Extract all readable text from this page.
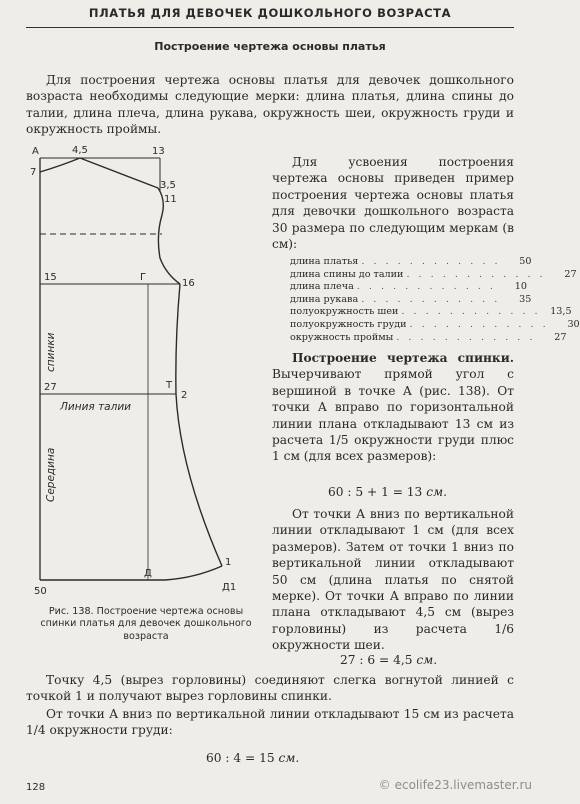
ПЛАТЬЯ ДЛЯ ДЕВОЧЕК ДОШКОЛЬНОГО ВОЗРАСТА
Построение чертежа основы платья
Для построения чертежа основы платья для девочек дошкольного возраста необходимы следующие мерки: длина платья, длина спины до талии, длина плеча, длина рукава, окружность шеи, окружность груди и окружность проймы.
Для усвоения построения чертежа основы приведен пример построения чертежа основы платья для девочки дошкольного возраста 30 размера по следующим меркам (в см):
длина платья . . . . . . . . . . . .	50
длина спины до талии . . . . . . . . . . . .	27
длина плеча . . . . . . . . . . . .	10
длина рукава . . . . . . . . . . . .	35
полуокружность шеи . . . . . . . . . . . .	13,5
полуокружность груди . . . . . . . . . . . .	30
окружность проймы . . . . . . . . . . . .	27
Построение чертежа спинки. Вычерчивают прямой угол с вершиной в точке А (рис. 138). От точки А вправо по горизонтальной линии плана откладывают 13 см из расчета 1/5 окружности груди плюс 1 см (для всех размеров):
60 : 5 + 1 = 13 см.
От точки А вниз по вертикальной линии откладывают 1 см (для всех размеров). Затем от точки 1 вниз по вертикальной линии откладывают 50 см (длина платья по снятой мерке). От точки А вправо по линии плана откладывают 4,5 см (вырез горловины) из расчета 1/6 окружности шеи.
27 : 6 = 4,5 см.
Точку 4,5 (вырез горловины) соединяют слегка вогнутой линией с точкой 1 и получают вырез горловины спинки.
От точки А вниз по вертикальной линии откладывают 15 см из расчета 1/4 окружности груди:
60 : 4 = 15 см.
А	4,5	13
7
3,5
11
15	Г
16
27	Т
2
50
Д
Д1
1
спинки
Линия талии
Середина
Рис. 138. Построение чертежа основы спинки платья для девочек дошкольного возраста
128	© ecolife23.livemaster.ru
